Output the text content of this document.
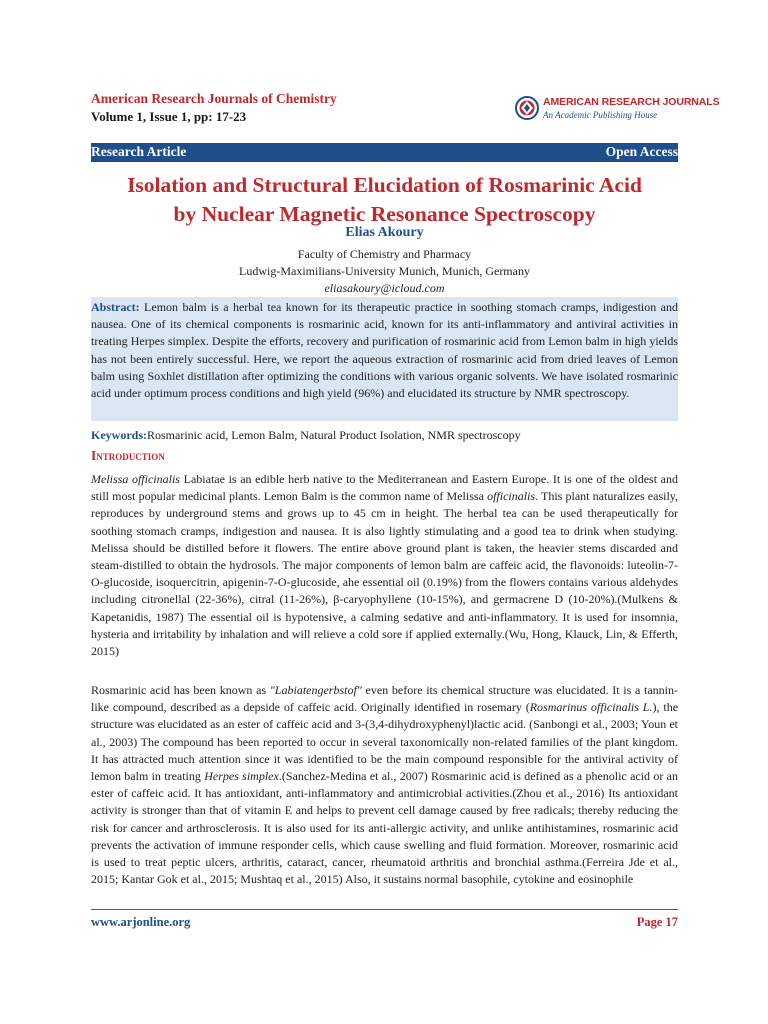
American Research Journals of Chemistry
Volume 1, Issue 1, pp: 17-23
AMERICAN RESEARCH JOURNALS
An Academic Publishing House
Research Article	Open Access
Isolation and Structural Elucidation of Rosmarinic Acid
by Nuclear Magnetic Resonance Spectroscopy
Elias Akoury
Faculty of Chemistry and Pharmacy
Ludwig-Maximilians-University Munich, Munich, Germany
eliasakoury@icloud.com

Abstract: Lemon balm is a herbal tea known for its therapeutic practice in soothing stomach cramps, indigestion and nausea. One of its chemical components is rosmarinic acid, known for its anti-inflammatory and antiviral activities in treating Herpes simplex. Despite the efforts, recovery and purification of rosmarinic acid from Lemon balm in high yields has not been entirely successful. Here, we report the aqueous extraction of rosmarinic acid from dried leaves of Lemon balm using Soxhlet distillation after optimizing the conditions with various organic solvents. We have isolated rosmarinic acid under optimum process conditions and high yield (96%) and elucidated its structure by NMR spectroscopy.

Keywords:Rosmarinic acid, Lemon Balm, Natural Product Isolation, NMR spectroscopy
Introduction

Melissa officinalis Labiatae is an edible herb native to the Mediterranean and Eastern Europe. It is one of the oldest and still most popular medicinal plants. Lemon Balm is the common name of Melissa officinalis. This plant naturalizes easily, reproduces by underground stems and grows up to 45 cm in height. The herbal tea can be used therapeutically for soothing stomach cramps, indigestion and nausea. It is also lightly stimulating and a good tea to drink when studying. Melissa should be distilled before it flowers. The entire above ground plant is taken, the heavier stems discarded and steam-distilled to obtain the hydrosols. The major components of lemon balm are caffeic acid, the flavonoids: luteolin-7-O-glucoside, isoquercitrin, apigenin-7-O-glucoside, ahe essential oil (0.19%) from the flowers contains various aldehydes including citronellal (22-36%), citral (11-26%), β-caryophyllene (10-15%), and germacrene D (10-20%).(Mulkens & Kapetanidis, 1987) The essential oil is hypotensive, a calming sedative and anti-inflammatory. It is used for insomnia, hysteria and irritability by inhalation and will relieve a cold sore if applied externally.(Wu, Hong, Klauck, Lin, & Efferth, 2015)

Rosmarinic acid has been known as "Labiatengerbstof" even before its chemical structure was elucidated. It is a tannin-like compound, described as a depside of caffeic acid. Originally identified in rosemary (Rosmarinus officinalis L.), the structure was elucidated as an ester of caffeic acid and 3-(3,4-dihydroxyphenyl)lactic acid. (Sanbongi et al., 2003; Youn et al., 2003) The compound has been reported to occur in several taxonomically non-related families of the plant kingdom. It has attracted much attention since it was identified to be the main compound responsible for the antiviral activity of lemon balm in treating Herpes simplex.(Sanchez-Medina et al., 2007) Rosmarinic acid is defined as a phenolic acid or an ester of caffeic acid. It has antioxidant, anti-inflammatory and antimicrobial activities.(Zhou et al., 2016) Its antioxidant activity is stronger than that of vitamin E and helps to prevent cell damage caused by free radicals; thereby reducing the risk for cancer and arthrosclerosis. It is also used for its anti-allergic activity, and unlike antihistamines, rosmarinic acid prevents the activation of immune responder cells, which cause swelling and fluid formation. Moreover, rosmarinic acid is used to treat peptic ulcers, arthritis, cataract, cancer, rheumatoid arthritis and bronchial asthma.(Ferreira Jde et al., 2015; Kantar Gok et al., 2015; Mushtaq et al., 2015) Also, it sustains normal basophile, cytokine and eosinophile

www.arjonline.org	Page 17
